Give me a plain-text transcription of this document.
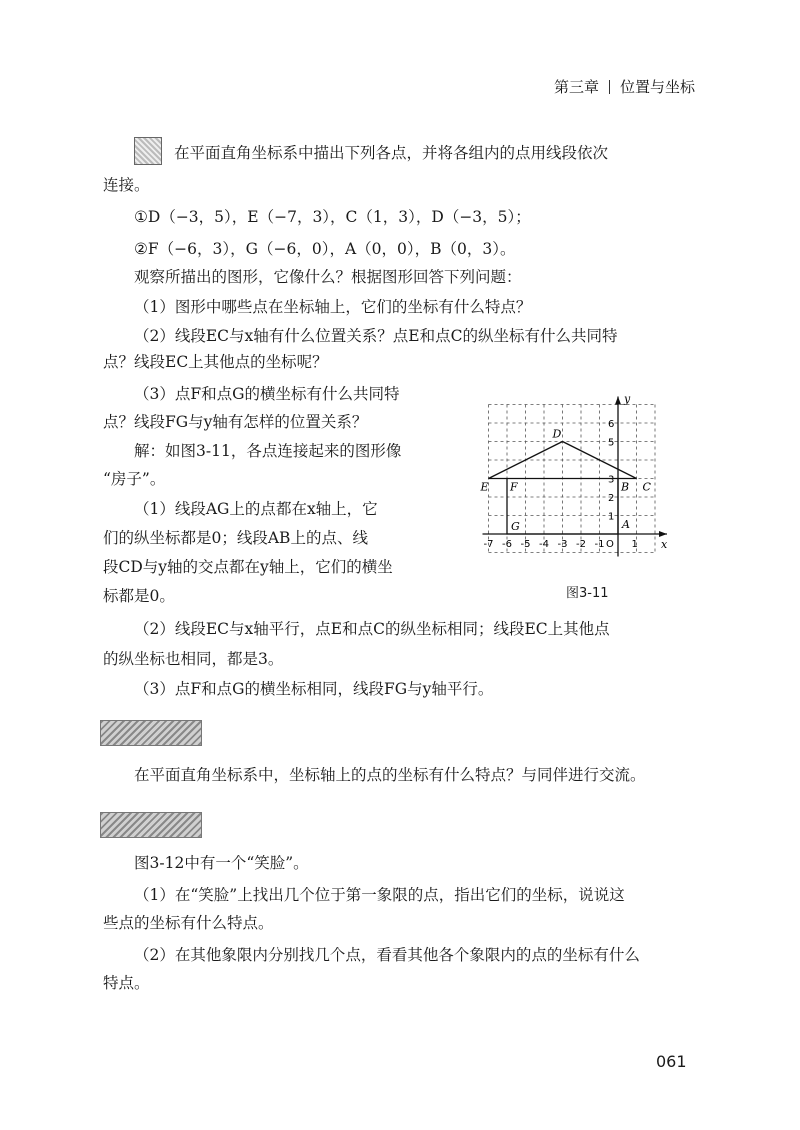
第三章 位置与坐标
在平面直角坐标系中描出下列各点，并将各组内的点用线段依次
连接。
①D（−3，5），E（−7，3），C（1，3），D（−3，5）；
②F（−6，3），G（−6，0），A（0，0），B（0，3）。
观察所描出的图形，它像什么？根据图形回答下列问题：
（1）图形中哪些点在坐标轴上，它们的坐标有什么特点？
（2）线段EC与x轴有什么位置关系？点E和点C的纵坐标有什么共同特
点？线段EC上其他点的坐标呢？
（3）点F和点G的横坐标有什么共同特
点？线段FG与y轴有怎样的位置关系？
解：如图3-11，各点连接起来的图形像
“房子”。
（1）线段AG上的点都在x轴上，它
们的纵坐标都是0；线段AB上的点、线
段CD与y轴的交点都在y轴上，它们的横坐
标都是0。
（2）线段EC与x轴平行，点E和点C的纵坐标相同；线段EC上其他点
的纵坐标也相同，都是3。
（3）点F和点G的横坐标相同，线段FG与y轴平行。
在平面直角坐标系中，坐标轴上的点的坐标有什么特点？与同伴进行交流。
图3-12中有一个“笑脸”。
（1）在“笑脸”上找出几个位于第一象限的点，指出它们的坐标，说说这
些点的坐标有什么特点。
（2）在其他象限内分别找几个点，看看其他各个象限内的点的坐标有什么
特点。
x
y
-7 -6 -5 -4 -3 -2 -1 O 1
1
2
3
5
6
D
E	C
F
G	A
B
图3-11
061
